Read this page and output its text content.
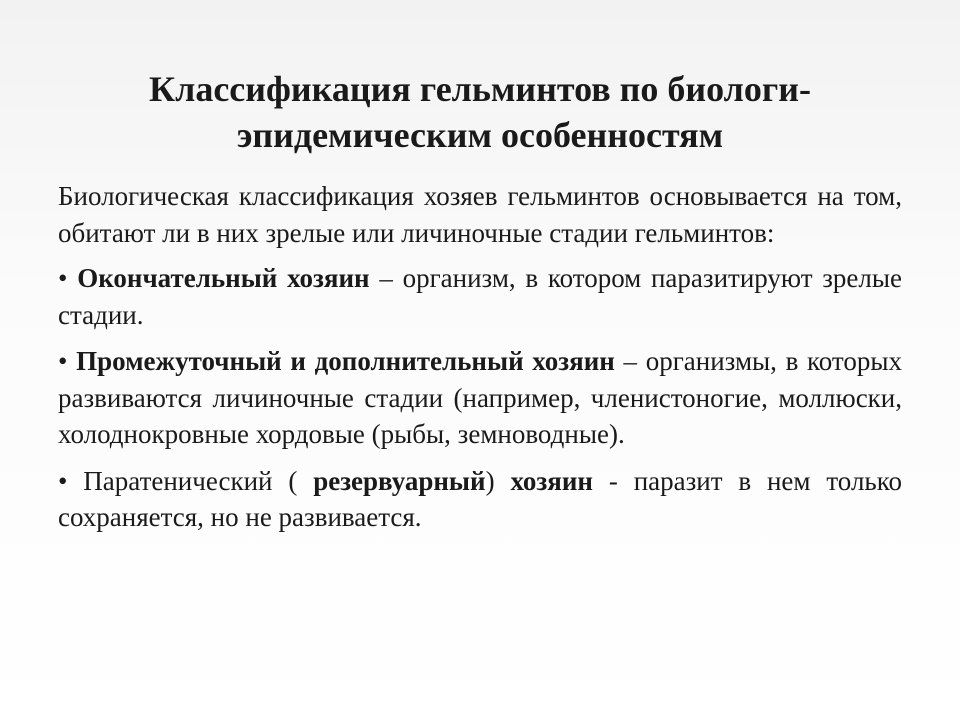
Классификация гельминтов по биологи-
эпидемическим особенностям

Биологическая классификация хозяев гельминтов основывается на том, обитают ли в них зрелые или личиночные стадии гельминтов:

• Окончательный хозяин – организм, в котором паразитируют зрелые стадии.

• Промежуточный и дополнительный хозяин – организмы, в которых развиваются личиночные стадии (например, членистоногие, моллюски, холоднокровные хордовые (рыбы, земноводные).

• Паратенический ( резервуарный) хозяин - паразит в нем только сохраняется, но не развивается.
